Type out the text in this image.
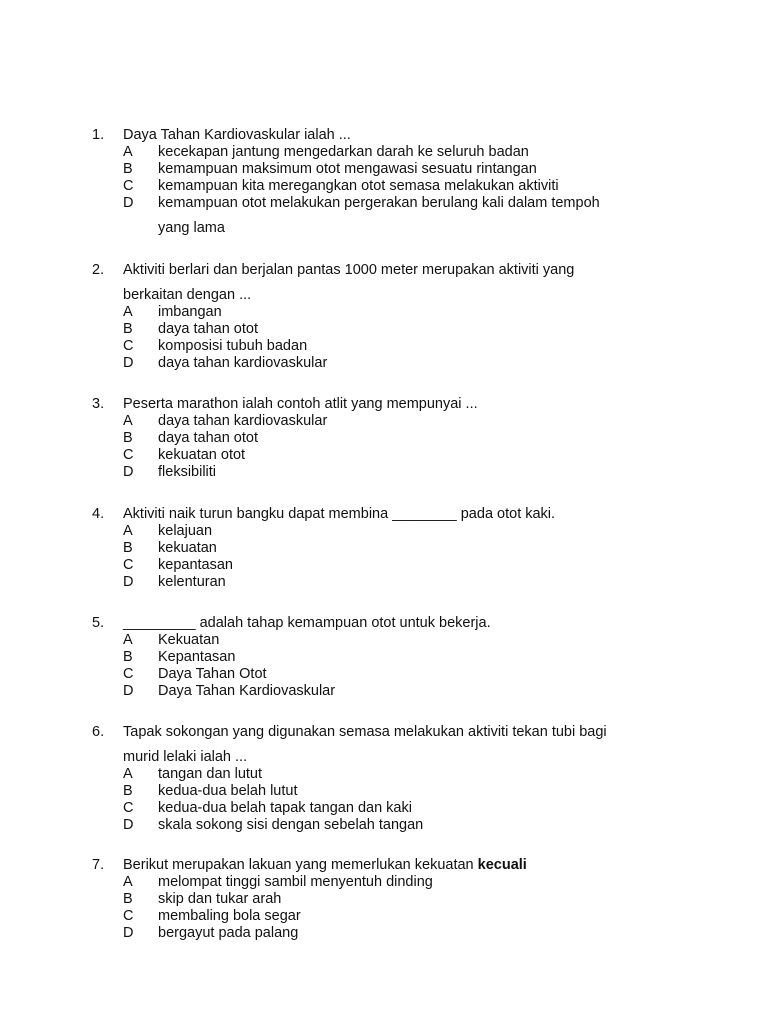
1. Daya Tahan Kardiovaskular ialah ...
A kecekapan jantung mengedarkan darah ke seluruh badan
B kemampuan maksimum otot mengawasi sesuatu rintangan
C kemampuan kita meregangkan otot semasa melakukan aktiviti
D kemampuan otot melakukan pergerakan berulang kali dalam tempoh
yang lama
2. Aktiviti berlari dan berjalan pantas 1000 meter merupakan aktiviti yang
berkaitan dengan ...
A imbangan
B daya tahan otot
C komposisi tubuh badan
D daya tahan kardiovaskular
3. Peserta marathon ialah contoh atlit yang mempunyai ...
A daya tahan kardiovaskular
B daya tahan otot
C kekuatan otot
D fleksibiliti
4. Aktiviti naik turun bangku dapat membina ________ pada otot kaki.
A kelajuan
B kekuatan
C kepantasan
D kelenturan
5. _________ adalah tahap kemampuan otot untuk bekerja.
A Kekuatan
B Kepantasan
C Daya Tahan Otot
D Daya Tahan Kardiovaskular
6. Tapak sokongan yang digunakan semasa melakukan aktiviti tekan tubi bagi
murid lelaki ialah ...
A tangan dan lutut
B kedua-dua belah lutut
C kedua-dua belah tapak tangan dan kaki
D skala sokong sisi dengan sebelah tangan
7. Berikut merupakan lakuan yang memerlukan kekuatan kecuali
A melompat tinggi sambil menyentuh dinding
B skip dan tukar arah
C membaling bola segar
D bergayut pada palang
